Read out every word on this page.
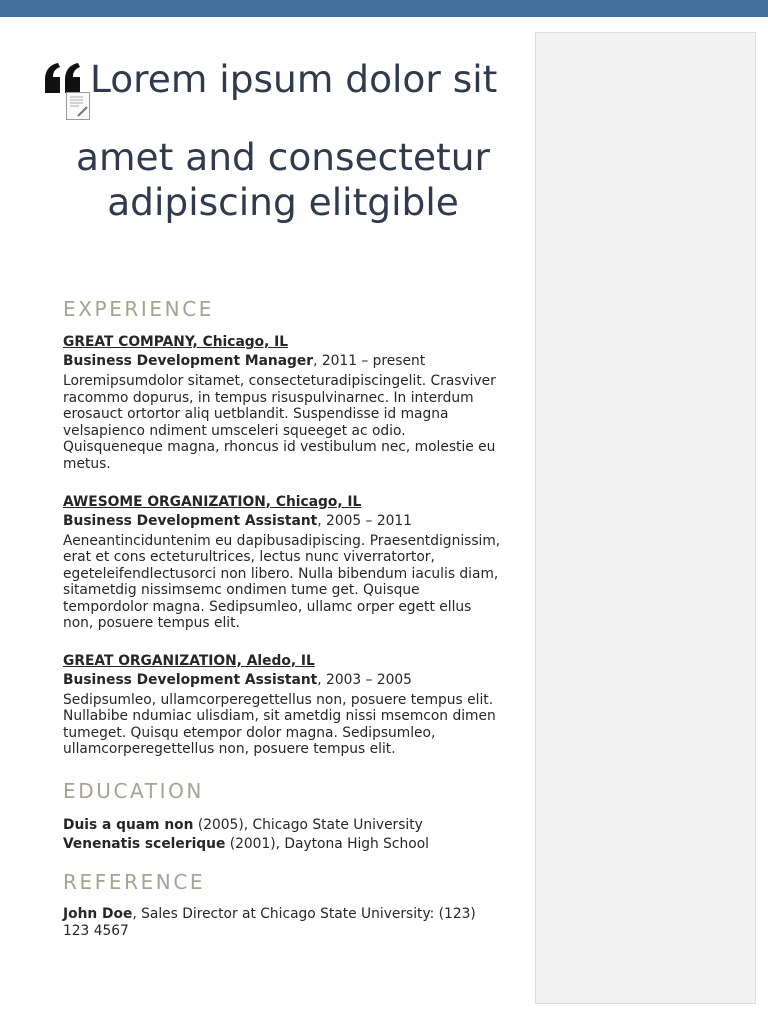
Lorem ipsum dolor sit
amet and consectetur
adipiscing elitgible
EXPERIENCE
GREAT COMPANY, Chicago, IL
Business Development Manager, 2011 – present

Loremipsumdolor sitamet, consecteturadipiscingelit. Crasviver racommo dopurus, in tempus risuspulvinarnec. In interdum erosauct ortortor aliq uetblandit. Suspendisse id magna velsapienco ndiment umsceleri squeeget ac odio. Quisqueneque magna, rhoncus id vestibulum nec, molestie eu metus.

AWESOME ORGANIZATION, Chicago, IL
Business Development Assistant, 2005 – 2011

Aeneantinciduntenim eu dapibusadipiscing. Praesentdignissim, erat et cons ecteturultrices, lectus nunc viverratortor, egeteleifendlectusorci non libero. Nulla bibendum iaculis diam, sitametdig nissimsemc ondimen tume get. Quisque tempordolor magna. Sedipsumleo, ullamc orper egett ellus non, posuere tempus elit.

GREAT ORGANIZATION, Aledo, IL
Business Development Assistant, 2003 – 2005

Sedipsumleo, ullamcorperegettellus non, posuere tempus elit. Nullabibe ndumiac ulisdiam, sit ametdig nissi msemcon dimen tumeget. Quisqu etempor dolor magna. Sedipsumleo, ullamcorperegettellus non, posuere tempus elit.

EDUCATION
Duis a quam non (2005), Chicago State University
Venenatis scelerique (2001), Daytona High School
REFERENCE
John Doe, Sales Director at Chicago State University: (123) 123 4567
